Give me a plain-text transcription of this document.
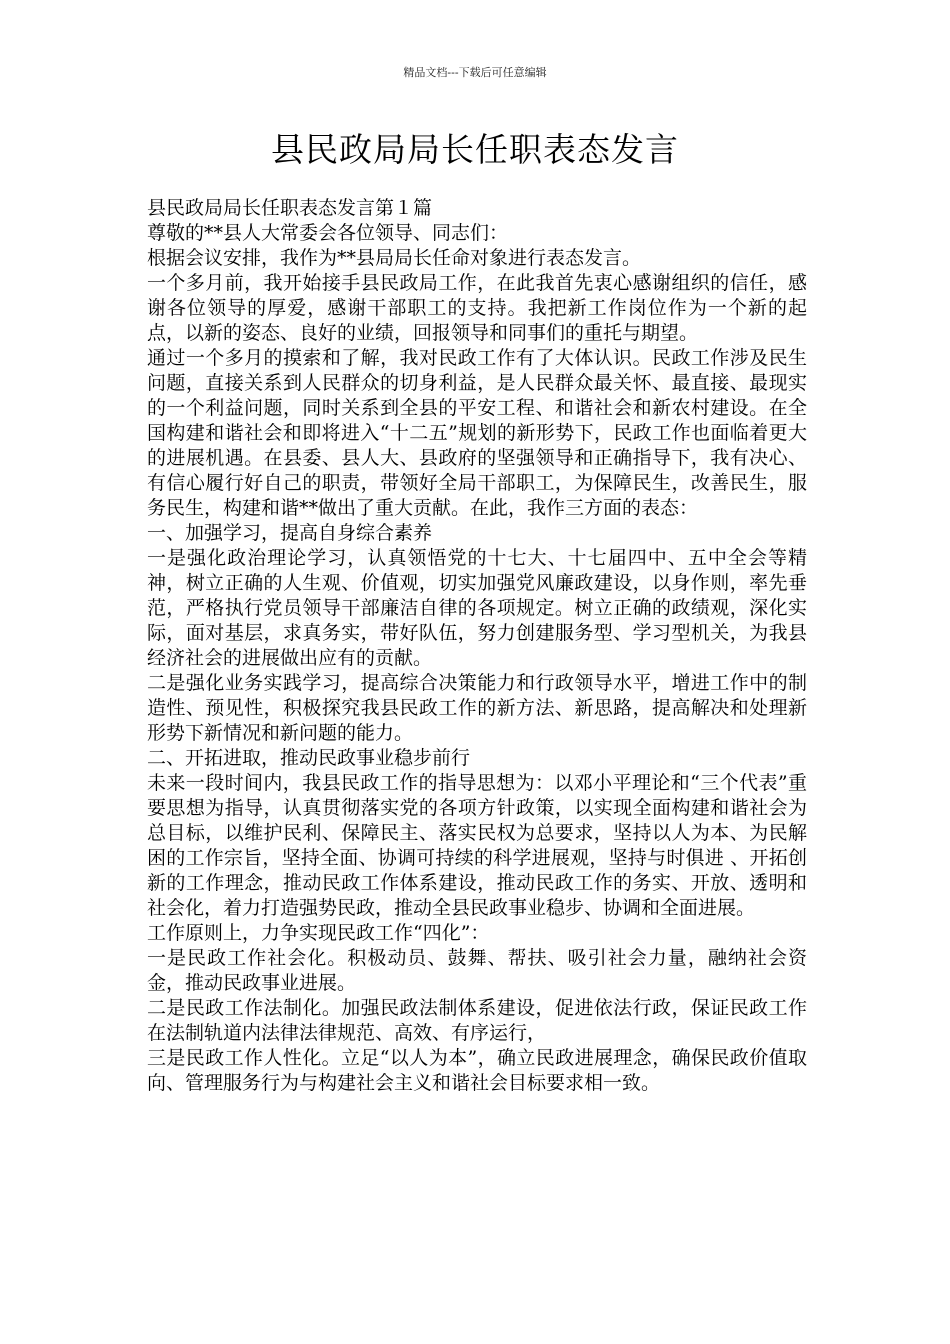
精品文档---下载后可任意编辑
县民政局局长任职表态发言

县民政局局长任职表态发言第１篇

尊敬的**县人大常委会各位领导、同志们：

根据会议安排，我作为**县局局长任命对象进行表态发言。

一个多月前，我开始接手县民政局工作，在此我首先衷心感谢组织的信任，感谢各位领导的厚爱，感谢干部职工的支持。我把新工作岗位作为一个新的起点，以新的姿态、良好的业绩，回报领导和同事们的重托与期望。

通过一个多月的摸索和了解，我对民政工作有了大体认识。民政工作涉及民生问题，直接关系到人民群众的切身利益，是人民群众最关怀、最直接、最现实的一个利益问题，同时关系到全县的平安工程、和谐社会和新农村建设。在全国构建和谐社会和即将进入“十二五”规划的新形势下，民政工作也面临着更大的进展机遇。在县委、县人大、县政府的坚强领导和正确指导下，我有决心、有信心履行好自己的职责，带领好全局干部职工，为保障民生，改善民生，服务民生，构建和谐**做出了重大贡献。在此，我作三方面的表态：

一、加强学习，提高自身综合素养

一是强化政治理论学习，认真领悟党的十七大、十七届四中、五中全会等精神，树立正确的人生观、价值观，切实加强党风廉政建设，以身作则，率先垂范，严格执行党员领导干部廉洁自律的各项规定。树立正确的政绩观，深化实际，面对基层，求真务实，带好队伍，努力创建服务型、学习型机关，为我县经济社会的进展做出应有的贡献。

二是强化业务实践学习，提高综合决策能力和行政领导水平，增进工作中的制造性、预见性，积极探究我县民政工作的新方法、新思路，提高解决和处理新形势下新情况和新问题的能力。

二、开拓进取，推动民政事业稳步前行

未来一段时间内，我县民政工作的指导思想为：以邓小平理论和“三个代表”重要思想为指导，认真贯彻落实党的各项方针政策，以实现全面构建和谐社会为总目标，以维护民利、保障民主、落实民权为总要求，坚持以人为本、为民解困的工作宗旨，坚持全面、协调可持续的科学进展观，坚持与时俱进 、开拓创新的工作理念，推动民政工作体系建设，推动民政工作的务实、开放、透明和社会化，着力打造强势民政，推动全县民政事业稳步、协调和全面进展。

工作原则上，力争实现民政工作“四化”：

一是民政工作社会化。积极动员、鼓舞、帮扶、吸引社会力量，融纳社会资金，推动民政事业进展。

二是民政工作法制化。加强民政法制体系建设，促进依法行政，保证民政工作在法制轨道内法律法律规范、高效、有序运行，

三是民政工作人性化。立足“以人为本”，确立民政进展理念，确保民政价值取向、管理服务行为与构建社会主义和谐社会目标要求相一致。
